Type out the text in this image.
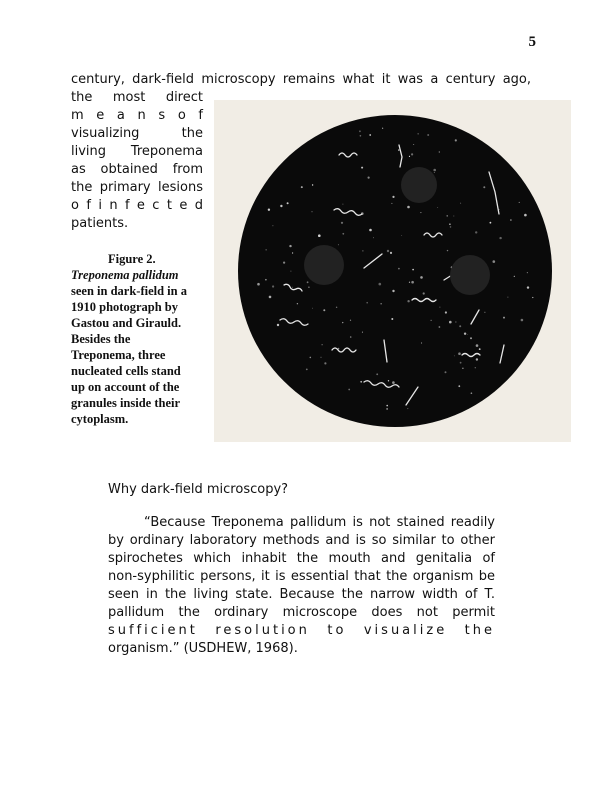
5
century, dark-field microscopy remains what it was a century ago,
the most direct
m e a n s o f
visualizing the
living Treponema
as obtained from
the primary lesions
o f i n f e c t e d
patients.
Figure 2.
Treponema pallidum
seen in dark-field in a
1910 photograph by
Gastou and Girauld.
Besides the
Treponema, three
nucleated cells stand
up on account of the
granules inside their
cytoplasm.
Why dark-field microscopy?
“Because Treponema pallidum is not stained readily
by ordinary laboratory methods and is so similar to other
spirochetes which inhabit the mouth and genitalia of
non-syphilitic persons, it is essential that the organism be
seen in the living state. Because the narrow width of T.
pallidum the ordinary microscope does not permit
sufficient resolution to visualize the
organism.” (USDHEW, 1968).
